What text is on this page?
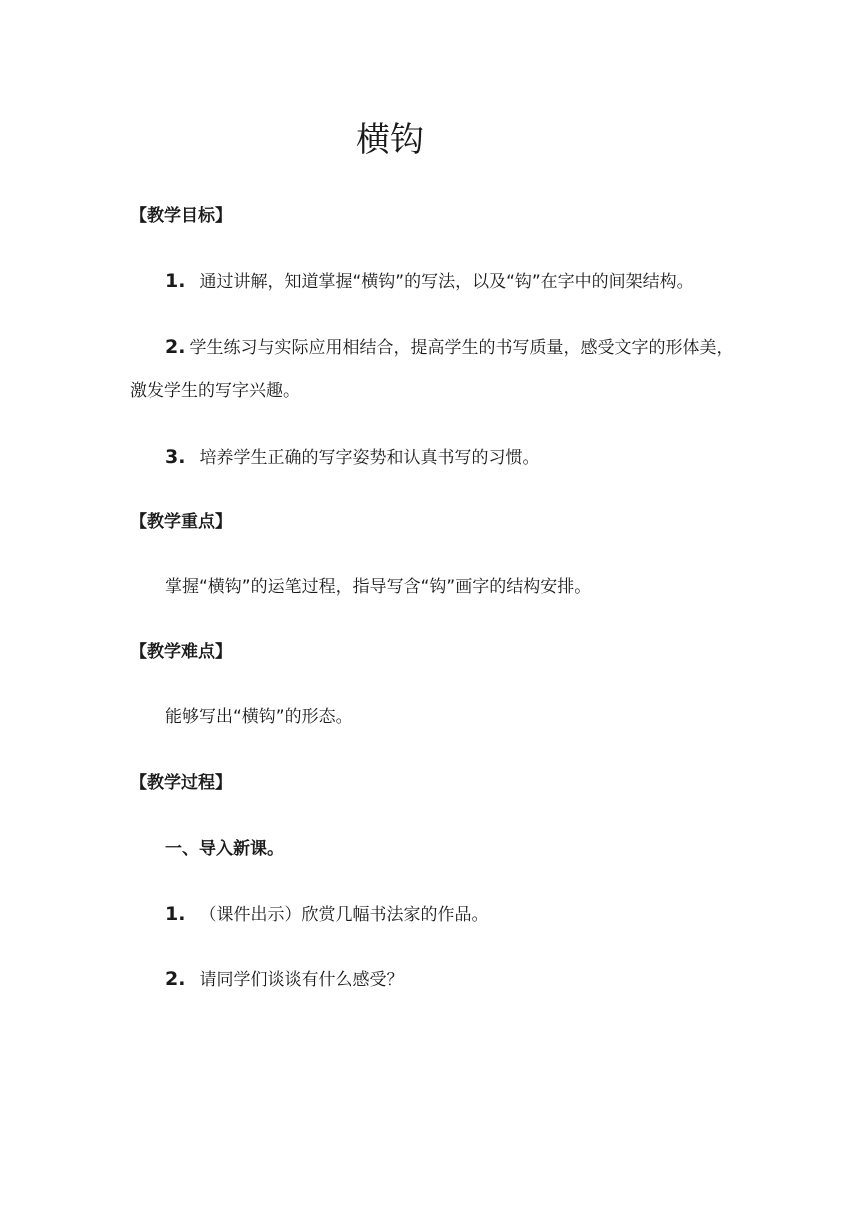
横钩

【教学目标】

1. 通过讲解，知道掌握“横钩”的写法，以及“钩”在字中的间架结构。

2. 学生练习与实际应用相结合，提高学生的书写质量，感受文字的形体美，

激发学生的写字兴趣。

3. 培养学生正确的写字姿势和认真书写的习惯。

【教学重点】

掌握“横钩”的运笔过程，指导写含“钩”画字的结构安排。

【教学难点】

能够写出“横钩”的形态。

【教学过程】

一、导入新课。

1. （课件出示）欣赏几幅书法家的作品。

2. 请同学们谈谈有什么感受？
